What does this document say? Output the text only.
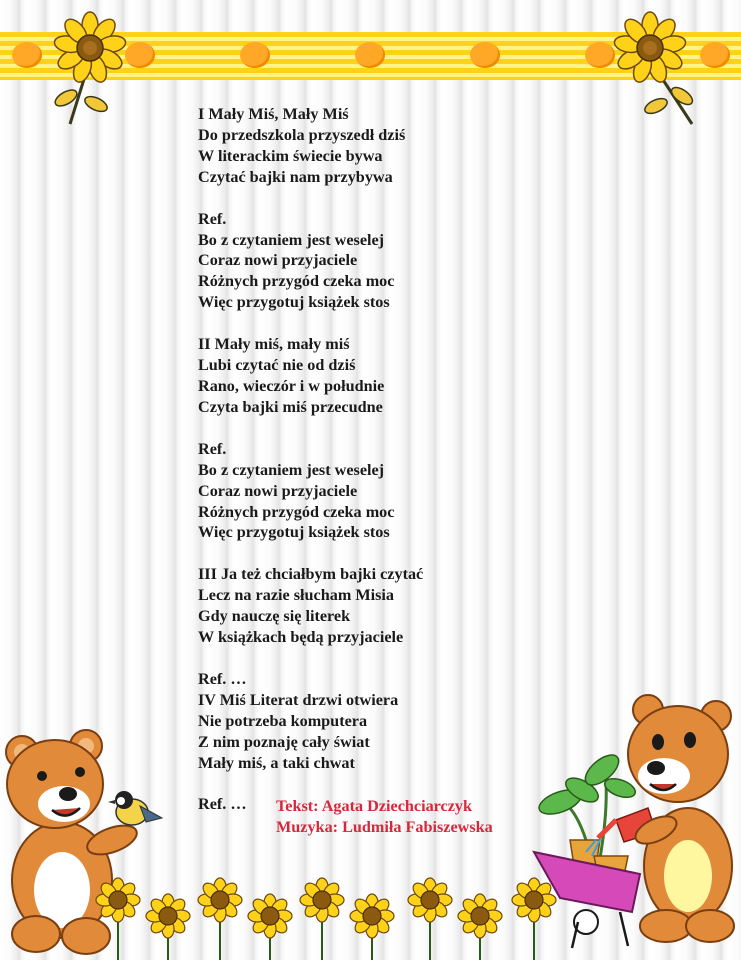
I Mały Miś, Mały Miś
Do przedszkola przyszedł dziś
W literackim świecie bywa
Czytać bajki nam przybywa
Ref.
Bo z czytaniem jest weselej
Coraz nowi przyjaciele
Różnych przygód czeka moc
Więc przygotuj książek stos
II Mały miś, mały miś
Lubi czytać nie od dziś
Rano, wieczór i w południe
Czyta bajki miś przecudne
Ref.
Bo z czytaniem jest weselej
Coraz nowi przyjaciele
Różnych przygód czeka moc
Więc przygotuj książek stos
III Ja też chciałbym bajki czytać
Lecz na razie słucham Misia
Gdy nauczę się literek
W książkach będą przyjaciele
Ref. …
IV Miś Literat drzwi otwiera
Nie potrzeba komputera
Z nim poznaję cały świat
Mały miś, a taki chwat
Ref. …	Tekst: Agata Dziechciarczyk
Muzyka: Ludmiła Fabiszewska
